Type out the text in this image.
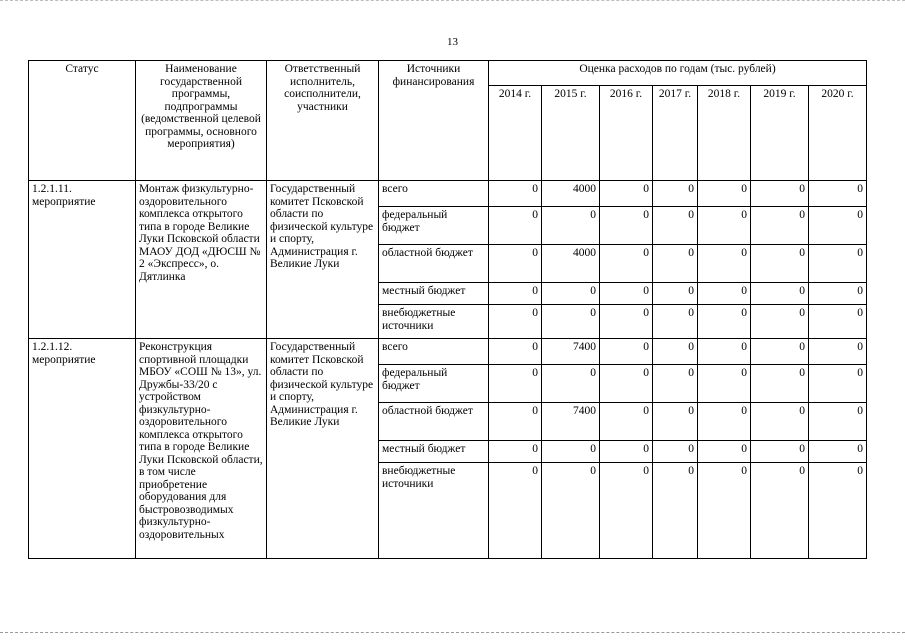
13
Статус	Наименование государственной программы, подпрограммы (ведомственной целевой программы, основного мероприятия)	Ответственный исполнитель, соисполнители, участники	Источники финансирования	Оценка расходов по годам (тыс. рублей)						
				2014 г.	2015 г.	2016 г.	2017 г.	2018 г.	2019 г.	2020 г.
1.2.1.11. мероприятие	Монтаж физкультурно-оздоровительного комплекса открытого типа в городе Великие Луки Псковской области МАОУ ДОД «ДЮСШ № 2 «Экспресс», о. Дятлинка	Государственный комитет Псковской области по физической культуре и спорту, Администрация г. Великие Луки	всего	0	4000	0	0	0	0	0
			федеральный бюджет	0	0	0	0	0	0	0
			областной бюджет	0	4000	0	0	0	0	0
			местный бюджет	0	0	0	0	0	0	0
			внебюджетные источники	0	0	0	0	0	0	0
1.2.1.12. мероприятие	Реконструкция спортивной площадки МБОУ «СОШ № 13», ул. Дружбы-33/20 с устройством физкультурно-оздоровительного комплекса открытого типа в городе Великие Луки Псковской области, в том числе приобретение оборудования для быстровозводимых физкультурно-оздоровительных	Государственный комитет Псковской области по физической культуре и спорту, Администрация г. Великие Луки	всего	0	7400	0	0	0	0	0
			федеральный бюджет	0	0	0	0	0	0	0
			областной бюджет	0	7400	0	0	0	0	0
			местный бюджет	0	0	0	0	0	0	0
			внебюджетные источники	0	0	0	0	0	0	0
